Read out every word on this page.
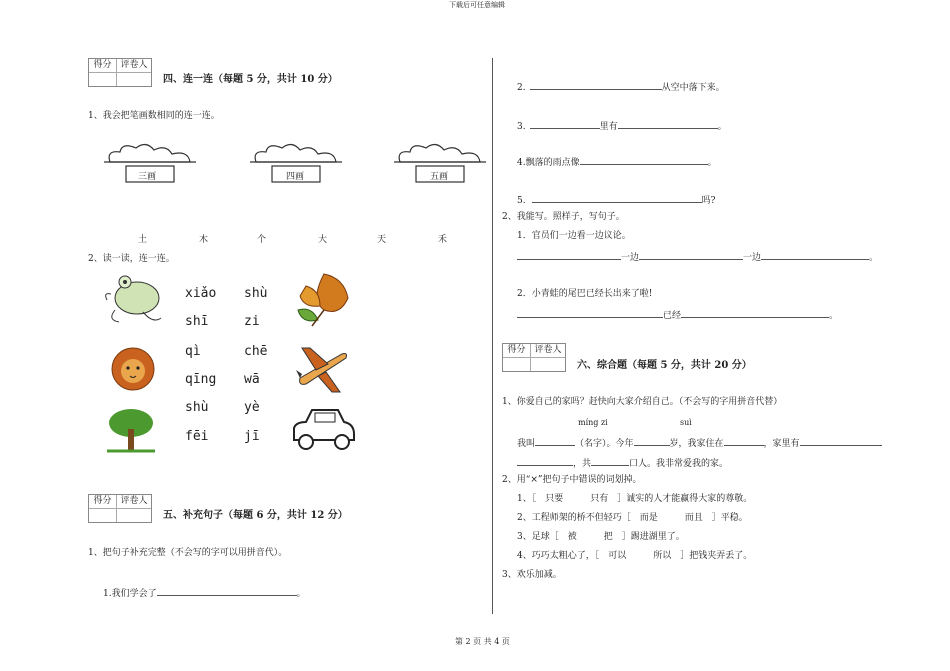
下载后可任意编辑
第 2 页 共 4 页
得分 评卷人
四、连一连（每题 5 分，共计 10 分）
1、我会把笔画数相同的连一连。
三画	四画	五画
土	木	个	大	天	禾
2、读一读，连一连。
xiǎo shù
shī	zi
qì	chē
qīng wā
shù	yè
fēi	jī
得分 评卷人
五、补充句子（每题 6 分，共计 12 分）
1、把句子补充完整（不会写的字可以用拼音代）。
1.我们学会了	。
2.	从空中落下来。
3.	里有	。
4.飘落的雨点像	。
5.	吗?
2、我能写。照样子，写句子。
1．官员们一边看一边议论。
一边	一边	。
2．小青蛙的尾巴已经长出来了啦!
已经	。
得分 评卷人
六、综合题（每题 5 分，共计 20 分）
1、你爱自己的家吗？赶快向大家介绍自己。（不会写的字用拼音代替）
míng zi	suì
我叫	（名字）。今年	岁，我家住在	，家里有
，共	口人。我非常爱我的家。
2、用“×”把句子中错误的词划掉。
1、［　只要　　　只有　］诚实的人才能赢得大家的尊敬。
2、工程师架的桥不但轻巧［　而是　　　而且　］平稳。
3、足球［　被　　　把　］踢进湖里了。
4、巧巧太粗心了，［　可以　　　所以　］把钱夹弄丢了。
3、欢乐加减。
